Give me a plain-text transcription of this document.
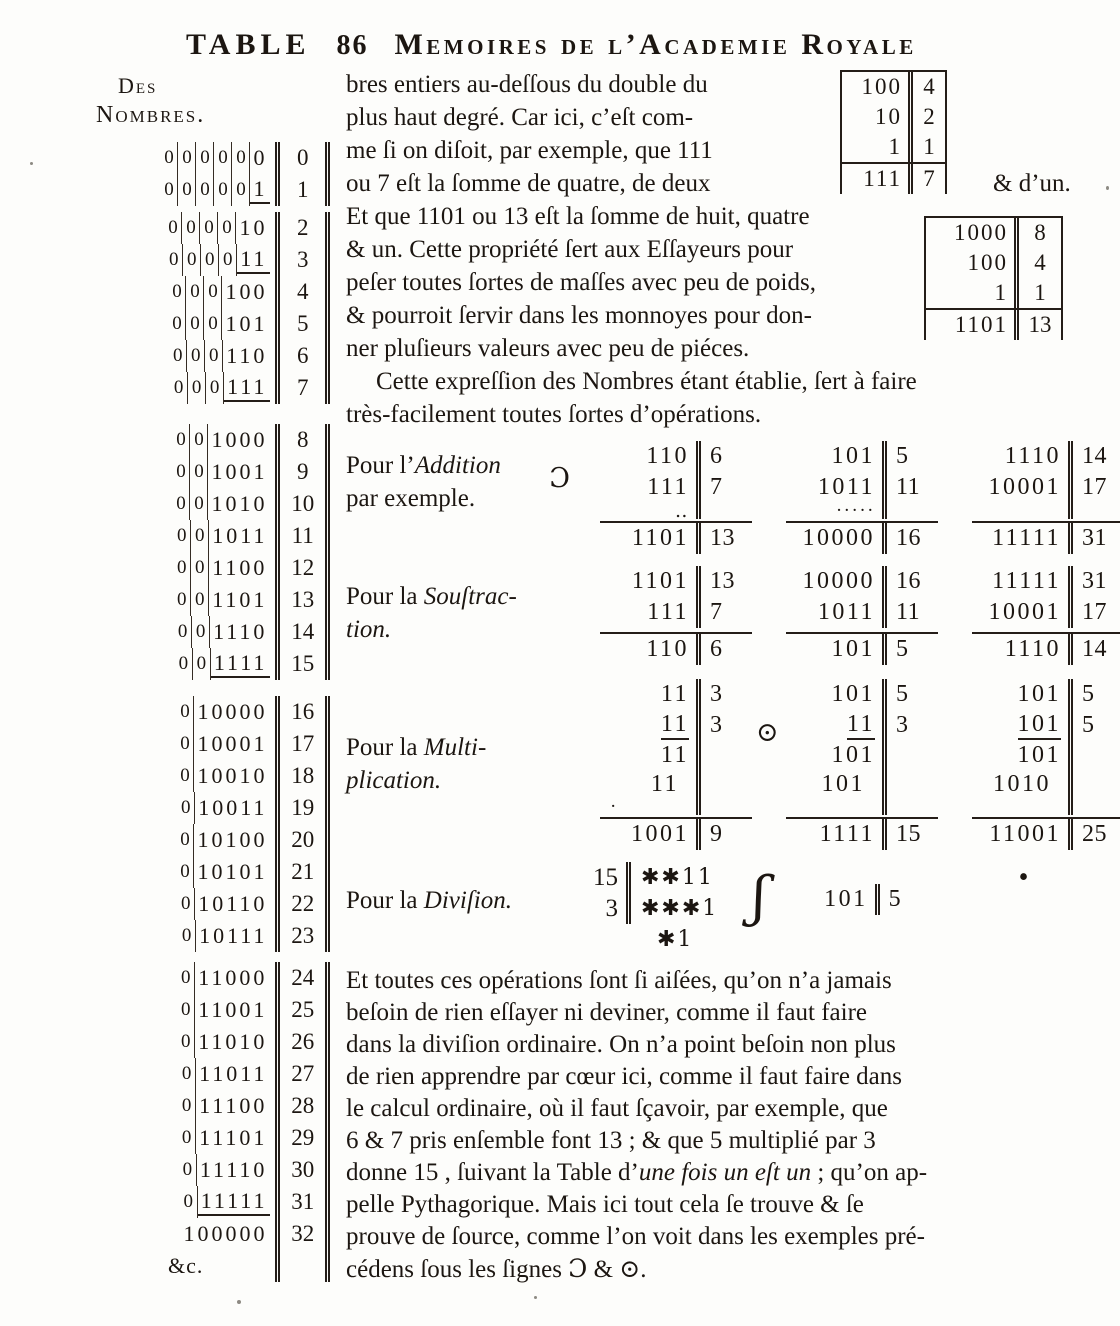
TABLE 86 Memoires de l’Academie Royale
Des
Nombres.
0 0 0 0 0 0	0
0 0 0 0 0 1	1
0 0 0 0 10	2
0 0 0 0 11	3
0 0 0 100	4
0 0 0 101	5
0 0 0 110	6
0 0 0 111	7
0 0 1000	8
0 0 1001	9
0 0 1010	10
0 0 1011	11
0 0 1100	12
0 0 1101	13
0 0 1110	14
0 0 1111	15
0 10000	16
0 10001	17
0 10010	18
0 10011	19
0 10100	20
0 10101	21
0 10110	22
0 10111	23
0 11000	24
0 11001	25
0 11010	26
0 11011	27
0 11100	28
0 11101	29
0 11110	30
0 11111	31
100000	32
&c.
bres entiers au-deſſous du double du
plus haut degré. Car ici, c’eſt com-
me ſi on diſoit, par exemple, que 111
ou 7 eſt la ſomme de quatre, de deux
100 4
10 2
1 1
111 7	& d’un.
Et que 1101 ou 13 eſt la ſomme de huit, quatre
& un. Cette propriété ſert aux Eſſayeurs pour
peſer toutes ſortes de maſſes avec peu de poids,
& pourroit ſervir dans les monnoyes pour don-
ner pluſieurs valeurs avec peu de piéces.
1000	8
100	4
1	1
1101 13
Cette expreſſion des Nombres étant établie, ſert à faire
très-facilement toutes ſortes d’opérations.
Pour l’Addition
par exemple.
Ɔ
110 6
111 7
‥
1101 13
101 5
1011 11
·····
10000 16
1110 14
10001 17
11111 31
Pour la Souſtrac-
tion.
1101 13
111 7
110 6
10000 16
1011 11
101 5
11111 31
10001 17
1110 14
Pour la Multi-
plication.
⊙
11 3
11 3
11
11
·
1001 9
101 5
11 3
101
101
1111 15
101 5
101 5
101
1010
11001 25
Pour la Diviſion.
15	✱✱11
3	✱✱✱1
✱1
ʃ	101 5
•
Et toutes ces opérations ſont ſi aiſées, qu’on n’a jamais
beſoin de rien eſſayer ni deviner, comme il faut faire
dans la diviſion ordinaire. On n’a point beſoin non plus
de rien apprendre par cœur ici, comme il faut faire dans
le calcul ordinaire, où il faut ſçavoir, par exemple, que
6 & 7 pris enſemble font 13 ; & que 5 multiplié par 3
donne 15 , ſuivant la Table d’une fois un eſt un ; qu’on ap-
pelle Pythagorique. Mais ici tout cela ſe trouve & ſe
prouve de ſource, comme l’on voit dans les exemples pré-
cédens ſous les ſignes Ɔ & ⊙.
